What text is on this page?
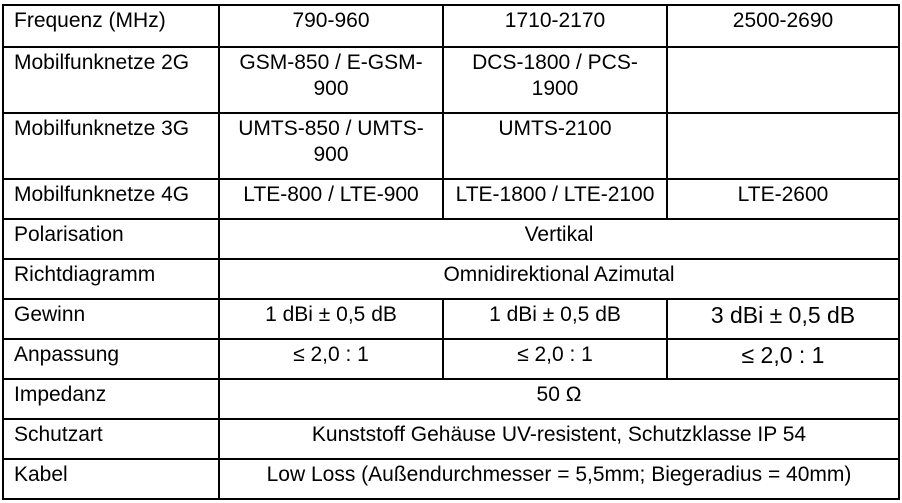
Frequenz (MHz)	790-960	1710-2170	2500-2690
Mobilfunknetze 2G	GSM-850 / E-GSM-900	DCS-1800 / PCS-1900	
Mobilfunknetze 3G	UMTS-850 / UMTS-900	UMTS-2100	
Mobilfunknetze 4G	LTE-800 / LTE-900	LTE-1800 / LTE-2100	LTE-2600
Polarisation	Vertikal		
Richtdiagramm	Omnidirektional Azimutal		
Gewinn	1 dBi ± 0,5 dB	1 dBi ± 0,5 dB	3 dBi ± 0,5 dB
Anpassung	≤ 2,0 : 1	≤ 2,0 : 1	≤ 2,0 : 1
Impedanz	50 Ω		
Schutzart	Kunststoff Gehäuse UV-resistent, Schutzklasse IP 54		
Kabel	Low Loss (Außendurchmesser = 5,5mm; Biegeradius = 40mm)		
